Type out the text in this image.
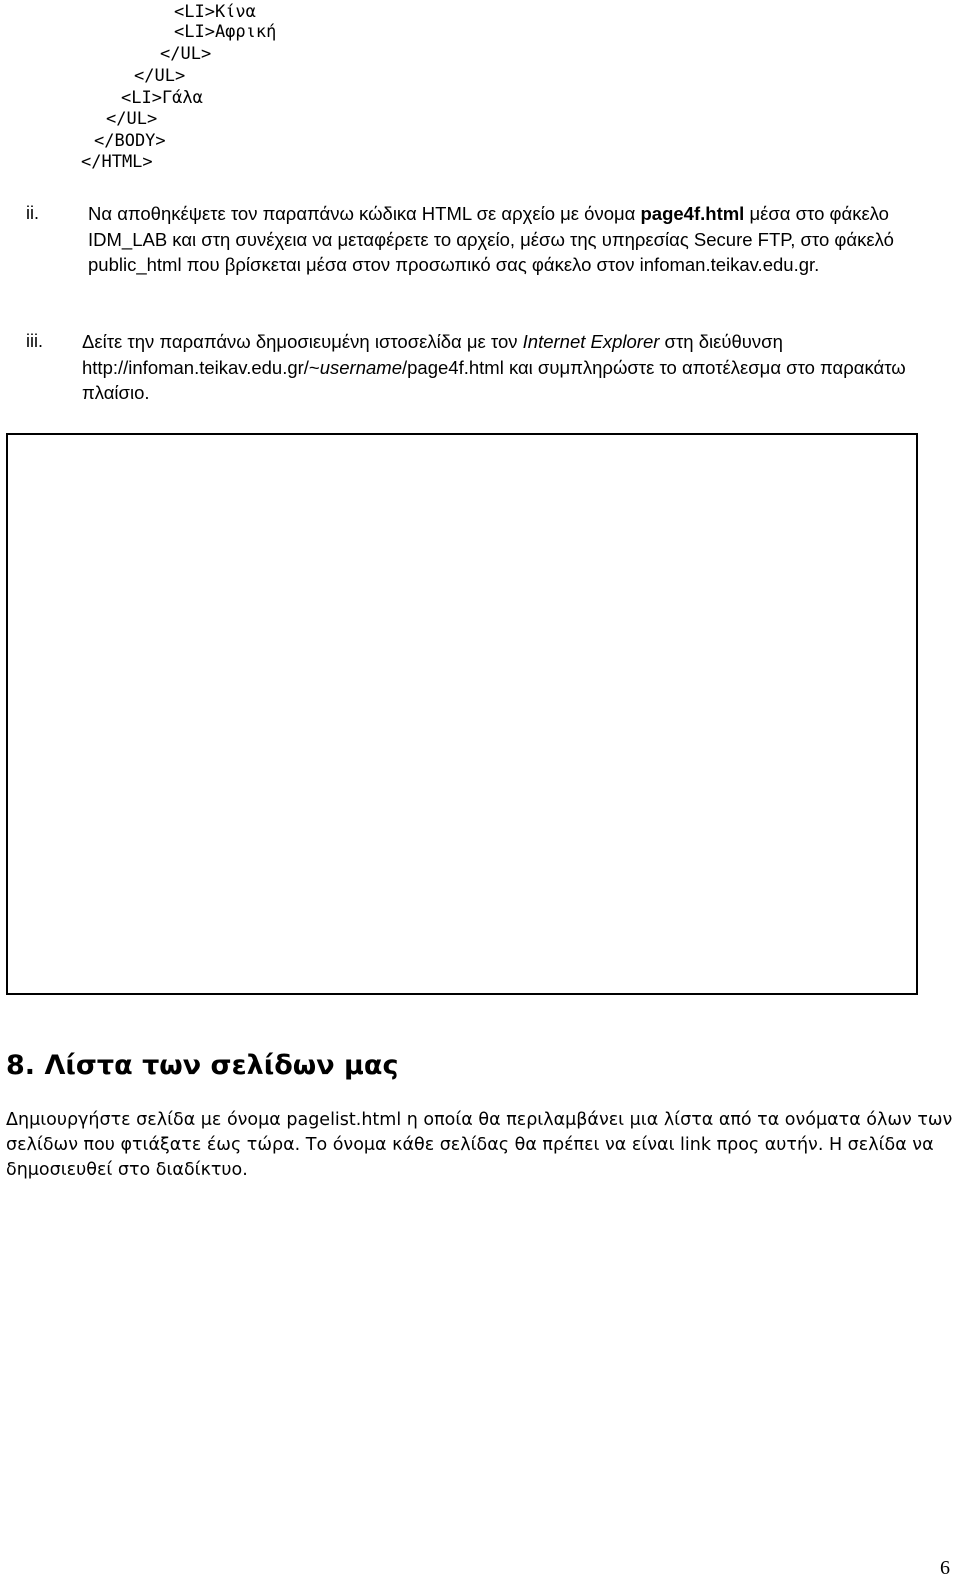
<LI>Κίνα
<LI>Αφρική
</UL>
</UL>
<LI>Γάλα
</UL>
</BODY>
</HTML>
ii.	Να αποθηκέψετε τον παραπάνω κώδικα HTML σε αρχείο με όνομα page4f.html μέσα στο φάκελο IDM_LAB και στη συνέχεια να μεταφέρετε το αρχείο, μέσω της υπηρεσίας Secure FTP, στο φάκελό public_html που βρίσκεται μέσα στον προσωπικό σας φάκελο στον infoman.teikav.edu.gr.
iii. Δείτε την παραπάνω δημοσιευμένη ιστοσελίδα με τον Internet Explorer στη διεύθυνση http://infoman.teikav.edu.gr/~username/page4f.html και συμπληρώστε το αποτέλεσμα στο παρακάτω πλαίσιο.
8. Λίστα των σελίδων μας
Δημιουργήστε σελίδα με όνομα pagelist.html η οποία θα περιλαμβάνει μια λίστα από τα ονόματα όλων των σελίδων που φτιάξατε έως τώρα. Το όνομα κάθε σελίδας θα πρέπει να είναι link προς αυτήν. Η σελίδα να δημοσιευθεί στο διαδίκτυο.
6
